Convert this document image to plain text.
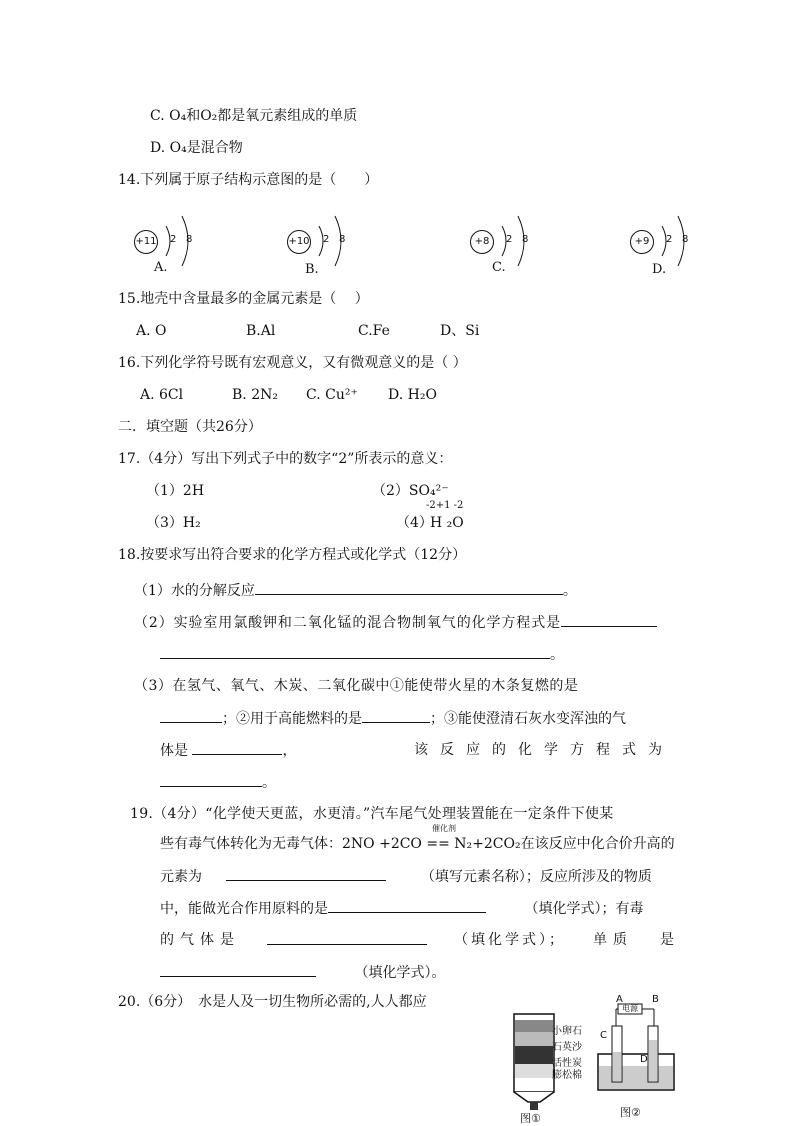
C. O₄和O₂都是氧元素组成的单质
D. O₄是混合物
14.下列属于原子结构示意图的是（　　）
+11 2 8
A.
+10 2 8
B.
+8	2 8
C.
+9	2 8
D.
15.地壳中含量最多的金属元素是（　 ）
A. O	B.Al	C.Fe	D、Si
16.下列化学符号既有宏观意义，又有微观意义的是（ ）
A. 6Cl	B. 2N₂ C. Cu²⁺ D. H₂O
二．填空题（共26分）
17.（4分）写出下列式子中的数字“2”所表示的意义：
（1）2H	（2）SO₄²⁻
（3）H₂	（4）
-2+1 -2
H ₂O
18.按要求写出符合要求的化学方程式或化学式（12分）
（1）水的分解反应	。
（2）实验室用氯酸钾和二氧化锰的混合物制氧气的化学方程式是
。
（3）在氢气、氧气、木炭、二氧化碳中①能使带火星的木条复燃的是
；②用于高能燃料的是	；③能使澄清石灰水变浑浊的气
体是	，	该反应的化学方程式为
。
19.（4分）“化学使天更蓝，水更清。”汽车尾气处理装置能在一定条件下使某
催化剂
些有毒气体转化为无毒气体：2NO +2CO == N₂+2CO₂在该反应中化合价升高的
元素为	（填写元素名称）；反应所涉及的物质
中，能做光合作用原料的是	（填化学式）；有毒
的气体是	（填化学式）； 单质 是
（填化学式）。
20.（6分）　水是人及一切生物所必需的,人人都应
小卵石
石英沙
活性炭
膨松棉
图①
A	B
电源
C
D
图②
